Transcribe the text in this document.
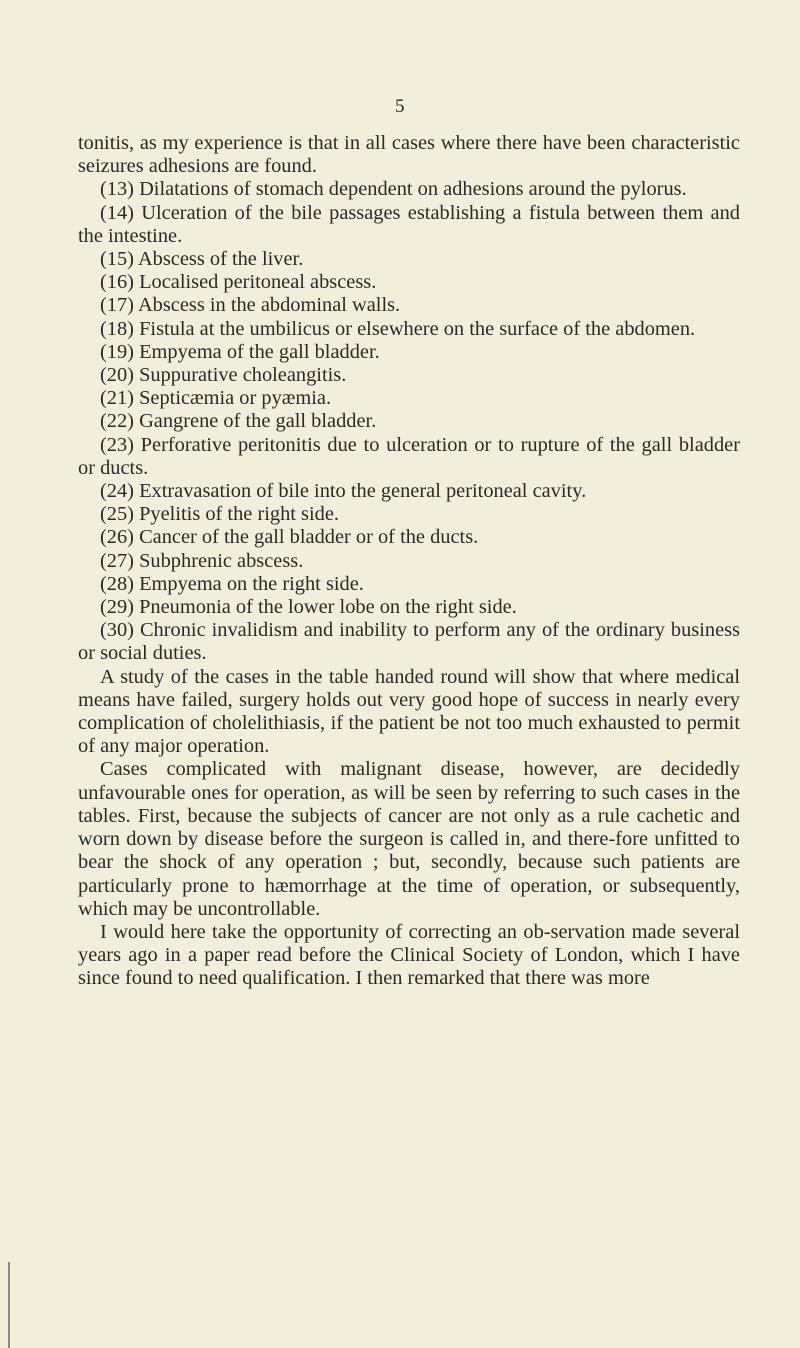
5

tonitis, as my experience is that in all cases where there have been characteristic seizures adhesions are found.

(13) Dilatations of stomach dependent on adhesions around the pylorus.

(14) Ulceration of the bile passages establishing a fistula between them and the intestine.

(15) Abscess of the liver.

(16) Localised peritoneal abscess.

(17) Abscess in the abdominal walls.

(18) Fistula at the umbilicus or elsewhere on the surface of the abdomen.

(19) Empyema of the gall bladder.

(20) Suppurative choleangitis.

(21) Septicæmia or pyæmia.

(22) Gangrene of the gall bladder.

(23) Perforative peritonitis due to ulceration or to rupture of the gall bladder or ducts.

(24) Extravasation of bile into the general peritoneal cavity.

(25) Pyelitis of the right side.

(26) Cancer of the gall bladder or of the ducts.

(27) Subphrenic abscess.

(28) Empyema on the right side.

(29) Pneumonia of the lower lobe on the right side.

(30) Chronic invalidism and inability to perform any of the ordinary business or social duties.

A study of the cases in the table handed round will show that where medical means have failed, surgery holds out very good hope of success in nearly every complication of cholelithiasis, if the patient be not too much exhausted to permit of any major operation.

Cases complicated with malignant disease, however, are decidedly unfavourable ones for operation, as will be seen by referring to such cases in the tables. First, because the subjects of cancer are not only as a rule cachetic and worn down by disease before the surgeon is called in, and there-fore unfitted to bear the shock of any operation ; but, secondly, because such patients are particularly prone to hæmorrhage at the time of operation, or subsequently, which may be uncontrollable.

I would here take the opportunity of correcting an ob-servation made several years ago in a paper read before the Clinical Society of London, which I have since found to need qualification. I then remarked that there was more
